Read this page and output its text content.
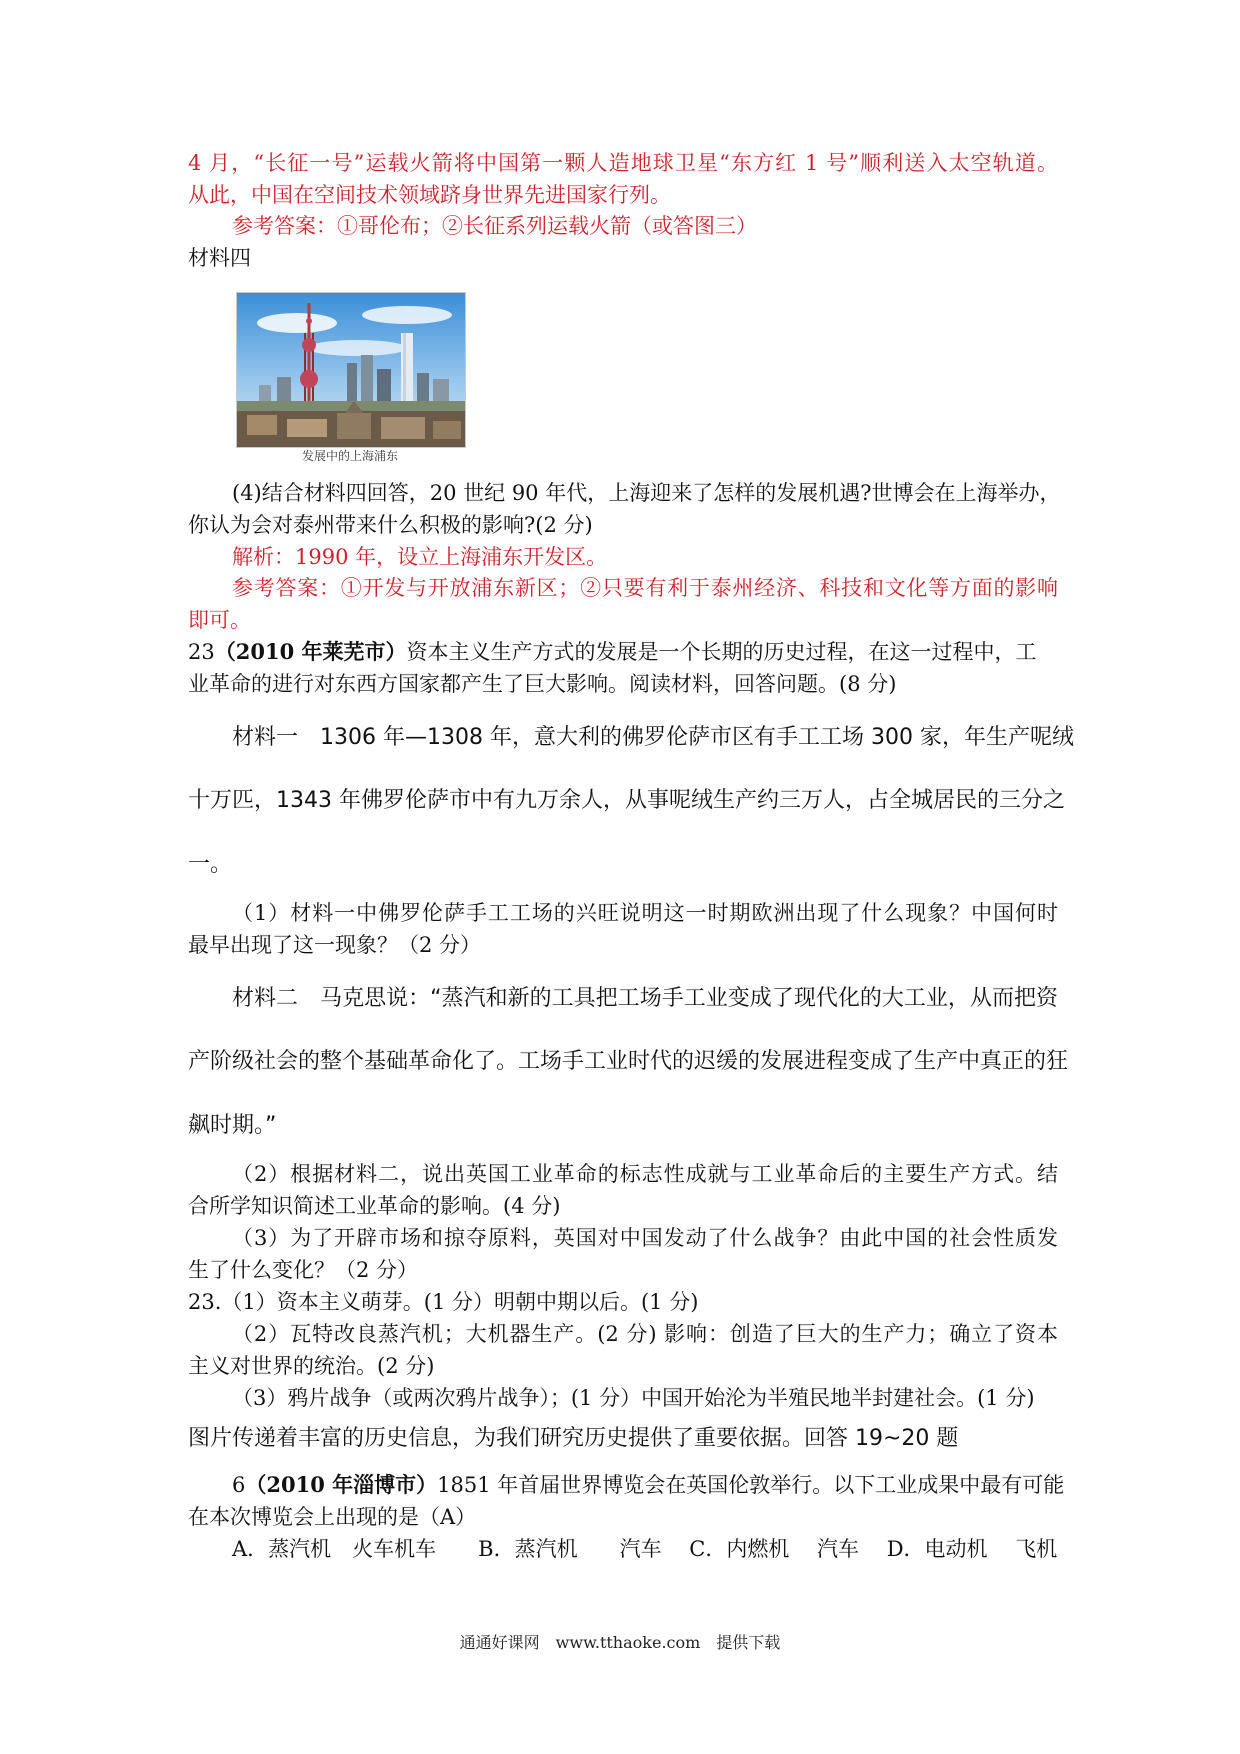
4 月，“长征一号”运载火箭将中国第一颗人造地球卫星“东方红 1 号”顺利送入太空轨道。
从此，中国在空间技术领域跻身世界先进国家行列。
参考答案：①哥伦布；②长征系列运载火箭（或答图三）
材料四
发展中的上海浦东
(4)结合材料四回答，20 世纪 90 年代，上海迎来了怎样的发展机遇?世博会在上海举办，
你认为会对泰州带来什么积极的影响?(2 分)
解析：1990 年，设立上海浦东开发区。
参考答案：①开发与开放浦东新区；②只要有利于泰州经济、科技和文化等方面的影响
即可。
23（2010 年莱芜市）资本主义生产方式的发展是一个长期的历史过程，在这一过程中，工
业革命的进行对东西方国家都产生了巨大影响。阅读材料，回答问题。(8 分)
材料一　1306 年—1308 年，意大利的佛罗伦萨市区有手工工场 300 家，年生产呢绒
十万匹，1343 年佛罗伦萨市中有九万余人，从事呢绒生产约三万人，占全城居民的三分之
一。
（1）材料一中佛罗伦萨手工工场的兴旺说明这一时期欧洲出现了什么现象？中国何时
最早出现了这一现象？（2 分）
材料二　马克思说：“蒸汽和新的工具把工场手工业变成了现代化的大工业，从而把资
产阶级社会的整个基础革命化了。工场手工业时代的迟缓的发展进程变成了生产中真正的狂
飙时期。”
（2）根据材料二，说出英国工业革命的标志性成就与工业革命后的主要生产方式。结
合所学知识简述工业革命的影响。(4 分)
（3）为了开辟市场和掠夺原料，英国对中国发动了什么战争？由此中国的社会性质发
生了什么变化？（2 分）
23.（1）资本主义萌芽。(1 分）明朝中期以后。(1 分)
（2）瓦特改良蒸汽机；大机器生产。(2 分) 影响：创造了巨大的生产力；确立了资本
主义对世界的统治。(2 分)
（3）鸦片战争（或两次鸦片战争）；(1 分）中国开始沦为半殖民地半封建社会。(1 分)
图片传递着丰富的历史信息，为我们研究历史提供了重要依据。回答 19~20 题
6（2010 年淄博市）1851 年首届世界博览会在英国伦敦举行。以下工业成果中最有可能
在本次博览会上出现的是（A）
A．蒸汽机　火车机车　　B．蒸汽机　　汽车　 C．内燃机　 汽车　 D．电动机　 飞机
通通好课网　www.tthaoke.com　提供下载
